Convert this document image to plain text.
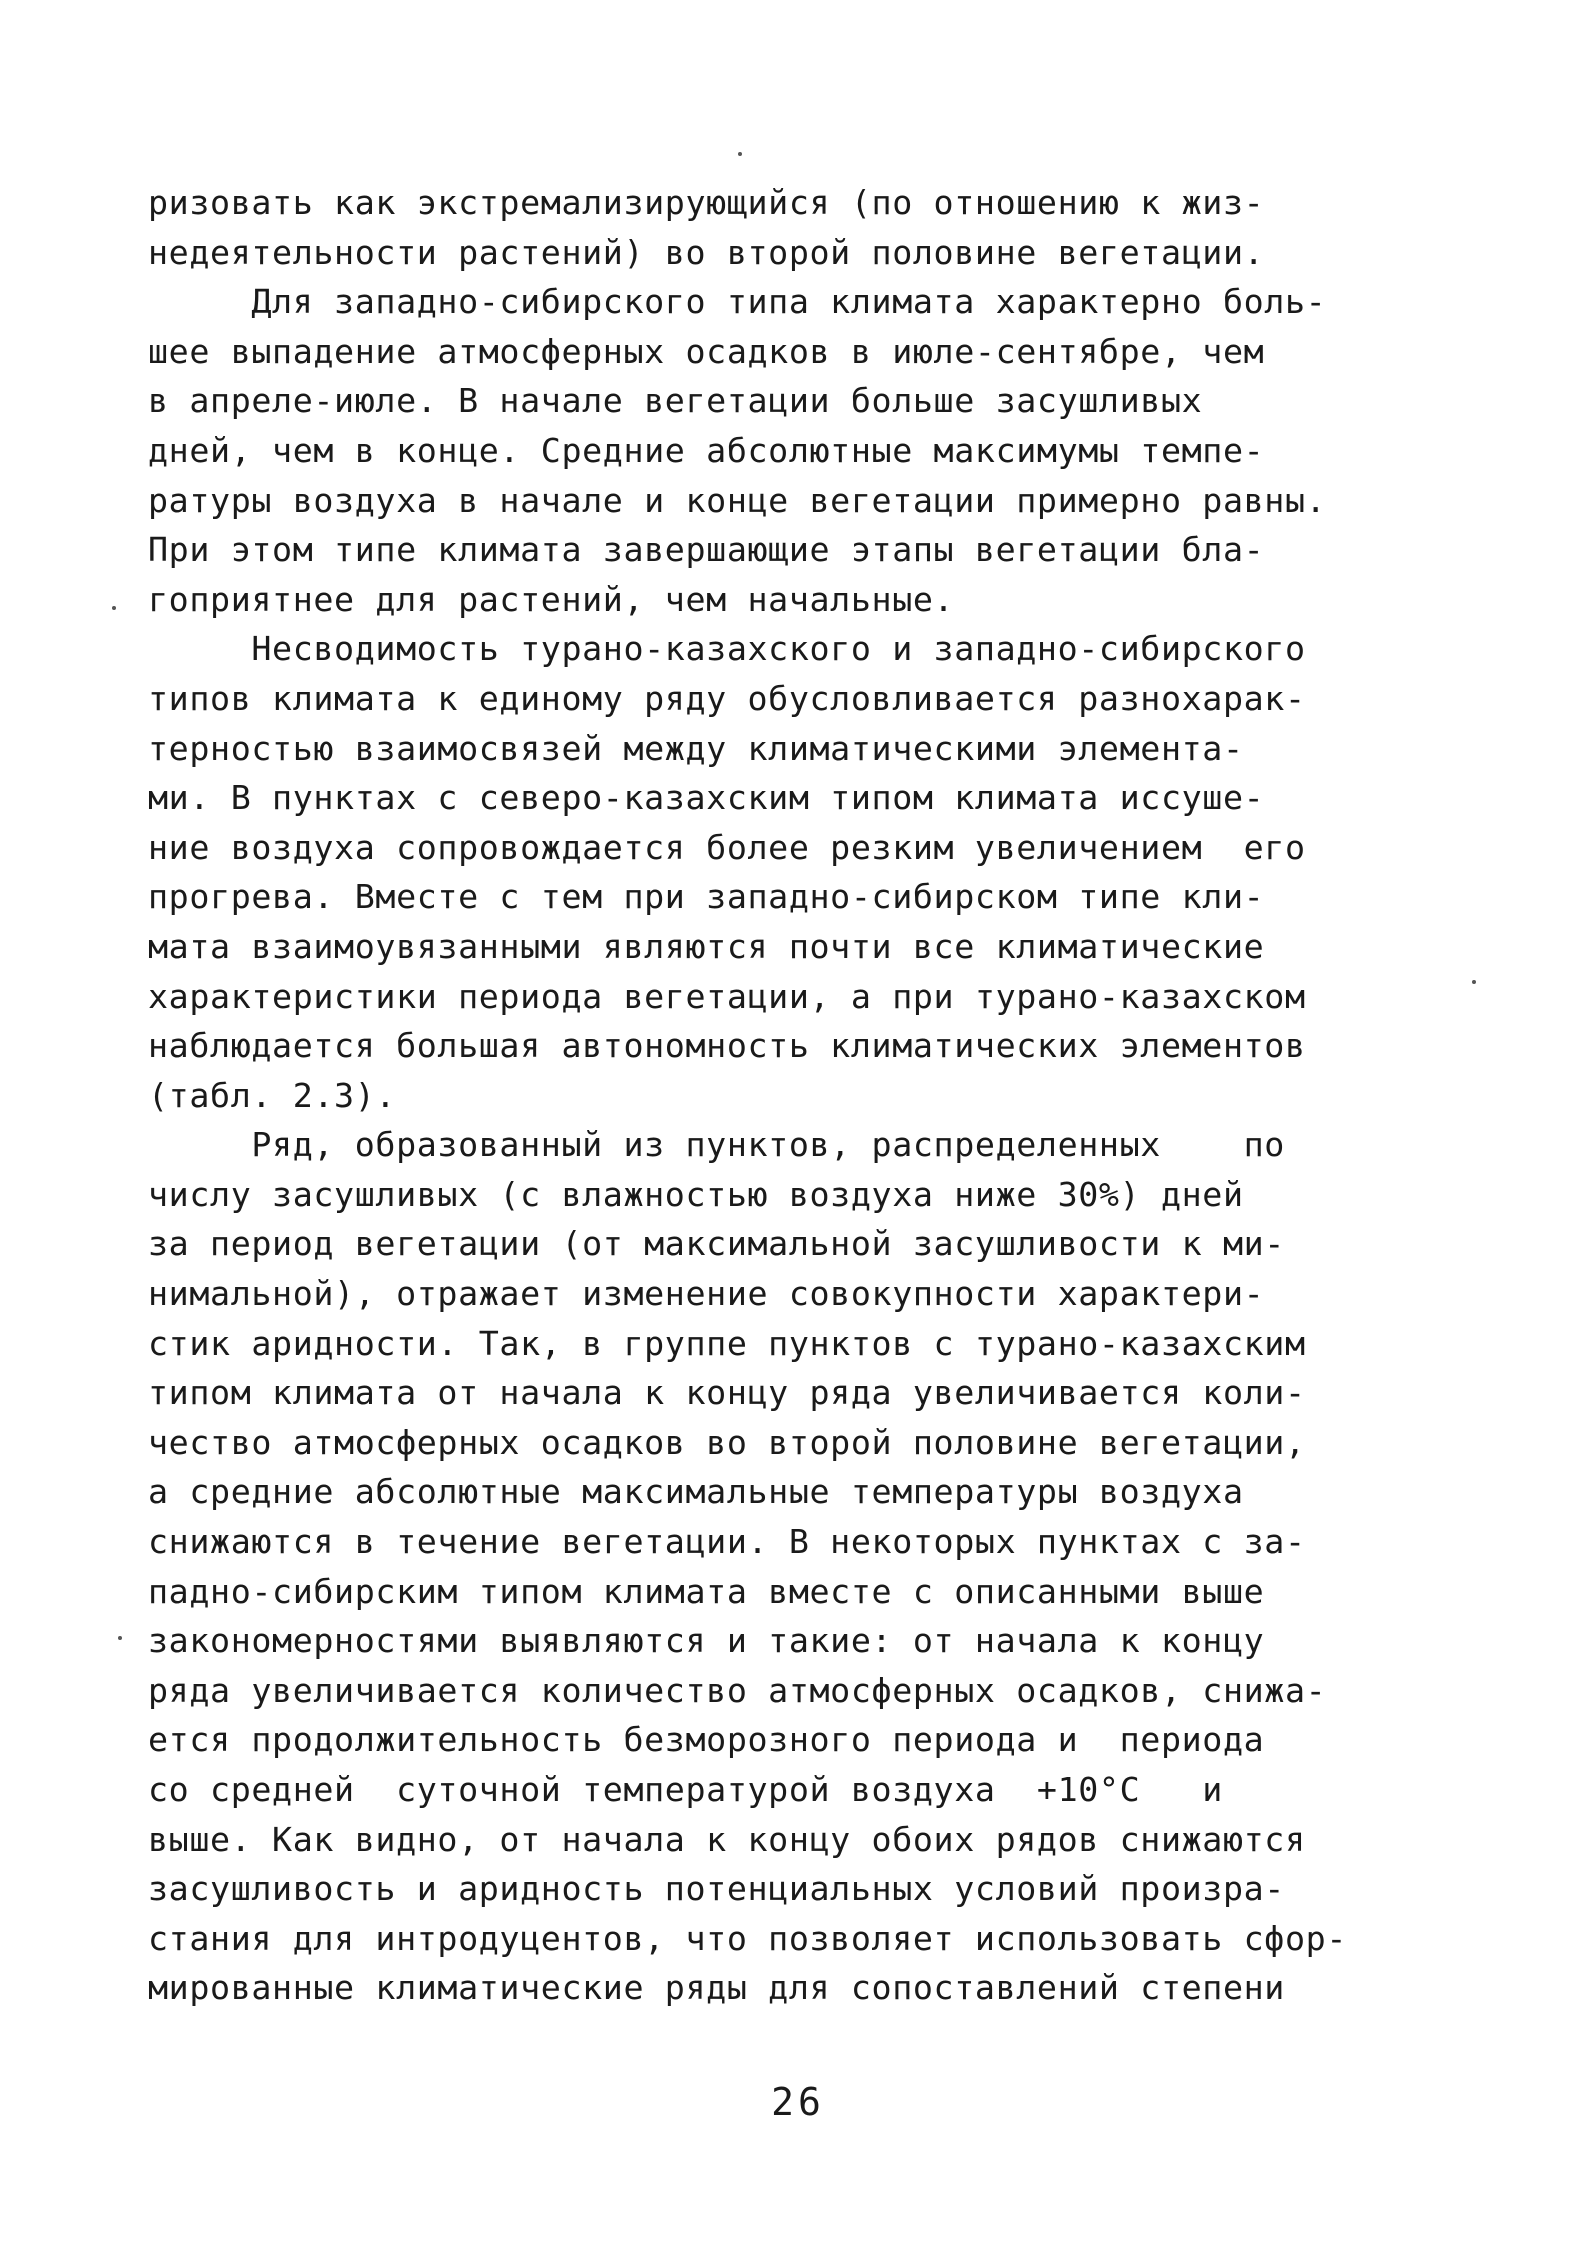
ризовать как экстремализирующийся (по отношению к жиз-
недеятельности растений) во второй половине вегетации.
Для западно-сибирского типа климата характерно боль-
шее выпадение атмосферных осадков в июле-сентябре, чем
в апреле-июле. В начале вегетации больше засушливых
дней, чем в конце. Средние абсолютные максимумы темпе-
ратуры воздуха в начале и конце вегетации примерно равны.
При этом типе климата завершающие этапы вегетации бла-
гоприятнее для растений, чем начальные.
Несводимость турано-казахского и западно-сибирского
типов климата к единому ряду обусловливается разнохарак-
терностью взаимосвязей между климатическими элемента-
ми. В пунктах с северо-казахским типом климата иссуше-
ние воздуха сопровождается более резким увеличением  его
прогрева. Вместе с тем при западно-сибирском типе кли-
мата взаимоувязанными являются почти все климатические
характеристики периода вегетации, а при турано-казахском
наблюдается большая автономность климатических элементов
(табл. 2.3).
Ряд, образованный из пунктов, распределенных    по
числу засушливых (с влажностью воздуха ниже 30%) дней
за период вегетации (от максимальной засушливости к ми-
нимальной), отражает изменение совокупности характери-
стик аридности. Так, в группе пунктов с турано-казахским
типом климата от начала к концу ряда увеличивается коли-
чество атмосферных осадков во второй половине вегетации,
а средние абсолютные максимальные температуры воздуха
снижаются в течение вегетации. В некоторых пунктах с за-
падно-сибирским типом климата вместе с описанными выше
закономерностями выявляются и такие: от начала к концу
ряда увеличивается количество атмосферных осадков, снижа-
ется продолжительность безморозного периода и  периода
со средней  суточной температурой воздуха  +10°С   и
выше. Как видно, от начала к концу обоих рядов снижаются
засушливость и аридность потенциальных условий произра-
стания для интродуцентов, что позволяет использовать сфор-
мированные климатические ряды для сопоставлений степени
26
